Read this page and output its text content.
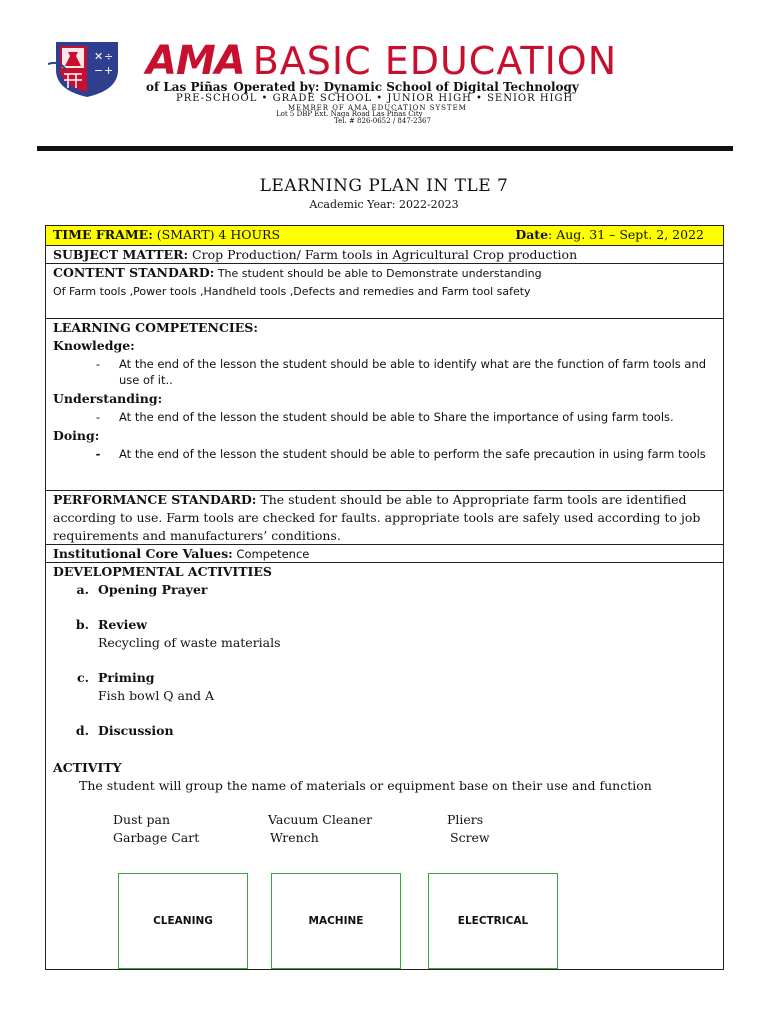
✕ ÷
− + AMA BASIC EDUCATION
of Las Piñas Operated by: Dynamic School of Digital Technology
PRE-SCHOOL • GRADE SCHOOL • JUNIOR HIGH • SENIOR HIGH
MEMBER OF AMA EDUCATION SYSTEM
Lot 5 DBP Ext. Naga Road Las Piñas City
Tel. # 826-0652 / 847-2367
LEARNING PLAN IN TLE 7
Academic Year: 2022-2023
TIME FRAME: (SMART) 4 HOURS	Date: Aug. 31 – Sept. 2, 2022
SUBJECT MATTER: Crop Production/ Farm tools in Agricultural Crop production
CONTENT STANDARD: The student should be able to Demonstrate understanding
Of Farm tools ,Power tools ,Handheld tools ,Defects and remedies and Farm tool safety
LEARNING COMPETENCIES:
Knowledge:
-	At the end of the lesson the student should be able to identify what are the function of farm tools and use of it..
Understanding:
-	At the end of the lesson the student should be able to Share the importance of using farm tools.
Doing:
-	At the end of the lesson the student should be able to perform the safe precaution in using farm tools
PERFORMANCE STANDARD: The student should be able to Appropriate farm tools are identified according to use. Farm tools are checked for faults. appropriate tools are safely used according to job requirements and manufacturers’ conditions.
Institutional Core Values: Competence
DEVELOPMENTAL ACTIVITIES
a. Opening Prayer
b. Review
Recycling of waste materials
c. Priming
Fish bowl Q and A
d. Discussion
ACTIVITY
The student will group the name of materials or equipment base on their use and function
Dust pan	Vacuum Cleaner	Pliers
Garbage Cart	Wrench	Screw
CLEANING	MACHINE	ELECTRICAL
